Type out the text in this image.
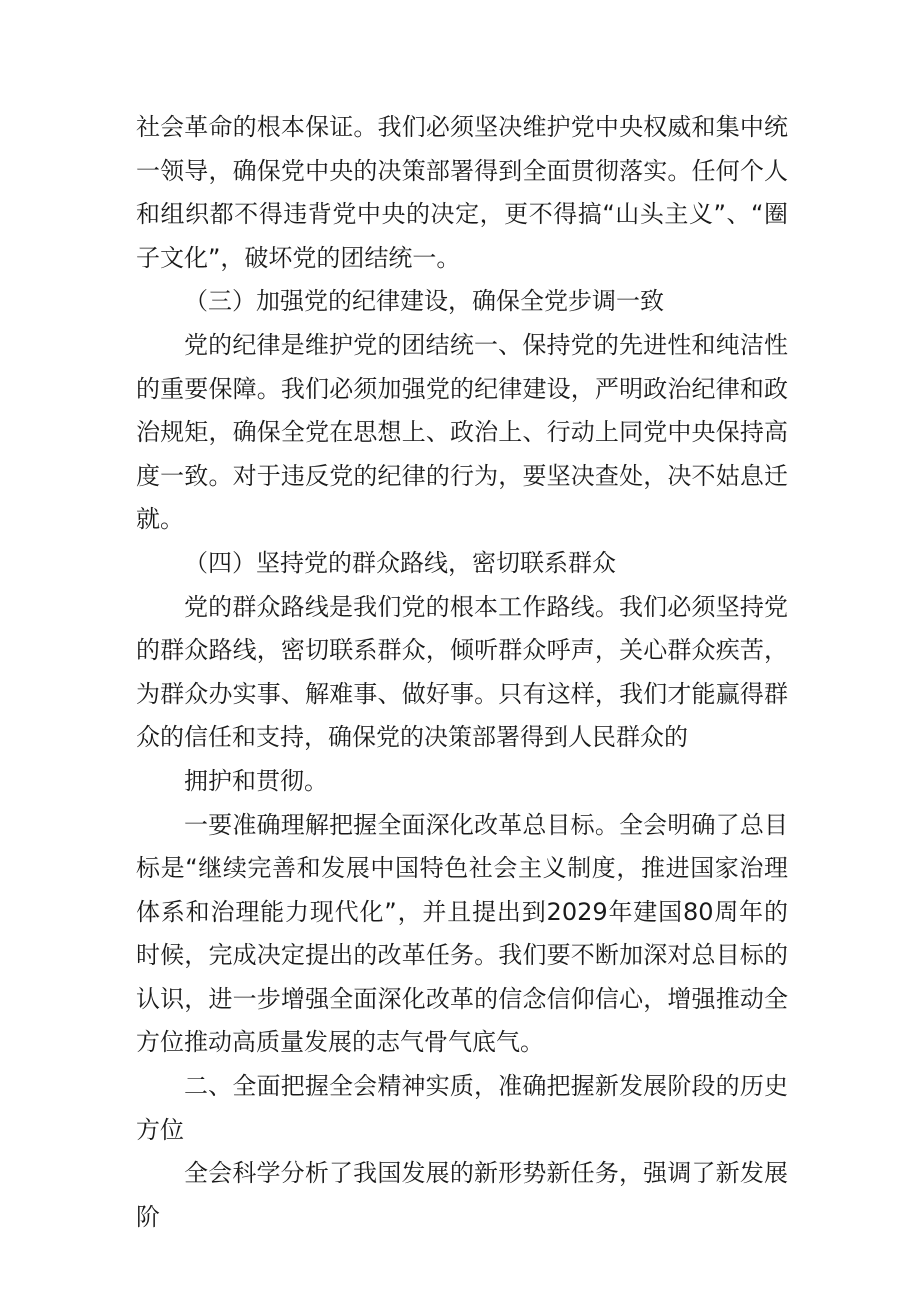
社会革命的根本保证。我们必须坚决维护党中央权威和集中统一领导，确保党中央的决策部署得到全面贯彻落实。任何个人和组织都不得违背党中央的决定，更不得搞“山头主义”、“圈子文化”，破坏党的团结统一。

（三）加强党的纪律建设，确保全党步调一致

党的纪律是维护党的团结统一、保持党的先进性和纯洁性的重要保障。我们必须加强党的纪律建设，严明政治纪律和政治规矩，确保全党在思想上、政治上、行动上同党中央保持高度一致。对于违反党的纪律的行为，要坚决查处，决不姑息迁就。

（四）坚持党的群众路线，密切联系群众

党的群众路线是我们党的根本工作路线。我们必须坚持党的群众路线，密切联系群众，倾听群众呼声，关心群众疾苦，为群众办实事、解难事、做好事。只有这样，我们才能赢得群众的信任和支持，确保党的决策部署得到人民群众的

拥护和贯彻。

一要准确理解把握全面深化改革总目标。全会明确了总目标是“继续完善和发展中国特色社会主义制度，推进国家治理体系和治理能力现代化”，并且提出到2029年建国80周年的时候，完成决定提出的改革任务。我们要不断加深对总目标的认识，进一步增强全面深化改革的信念信仰信心，增强推动全方位推动高质量发展的志气骨气底气。

二、全面把握全会精神实质，准确把握新发展阶段的历史方位

全会科学分析了我国发展的新形势新任务，强调了新发展阶
